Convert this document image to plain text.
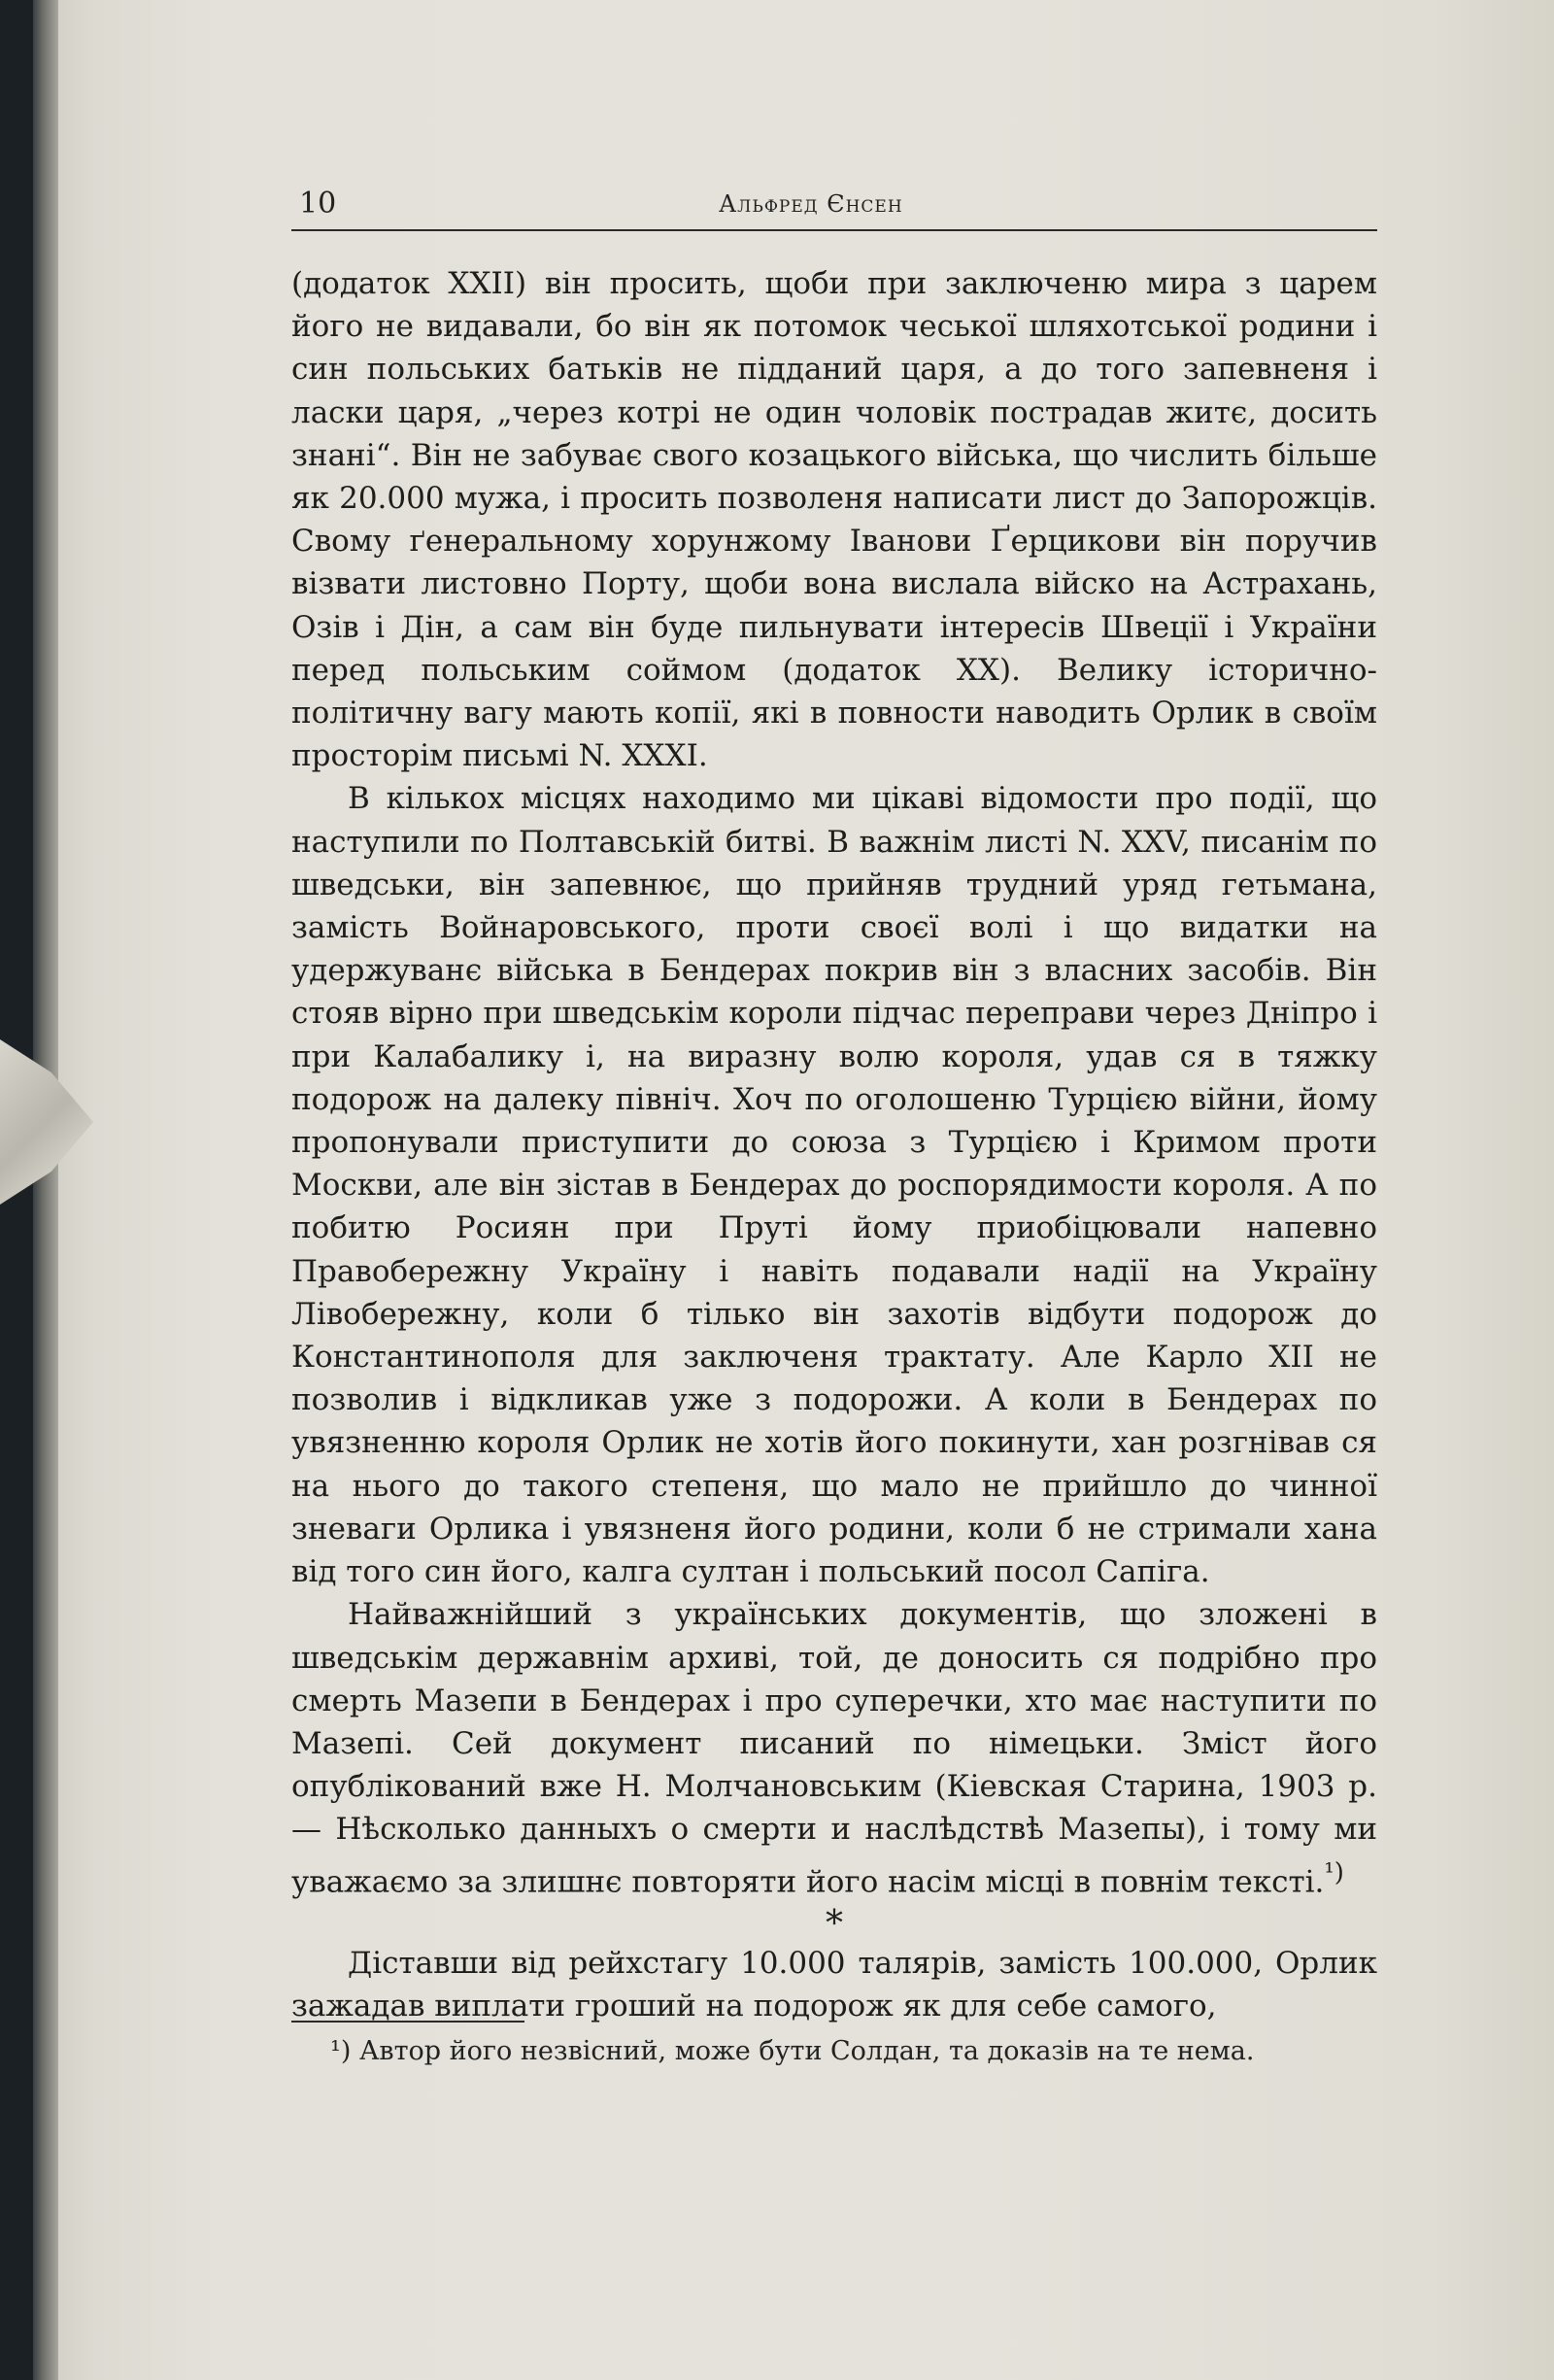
10	Альфред Єнсен

(додаток XXII) він просить, щоби при заключеню мира з царем його не видавали, бо він як потомок чеської шляхотської родини і син польських батьків не підданий царя, а до того запевненя і ласки царя, „через котрі не один чоловік пострадав житє, досить знані“. Він не забуває свого козацького війська, що числить більше як 20.000 мужа, і просить позволеня написати лист до Запорожців. Свому ґенеральному хорунжому Іванови Ґерцикови він поручив візвати листовно Порту, щоби вона вислала війско на Астрахань, Озів і Дін, а сам він буде пильнувати інтересів Швеції і України перед польським соймом (додаток XX). Велику історично-політичну вагу мають копії, які в повности наводить Орлик в своїм просторім письмі N. XXXI.

В кількох місцях находимо ми цікаві відомости про події, що наступили по Полтавській битві. В важнім листі N. XXV, писанім по шведськи, він запевнює, що прийняв трудний уряд гетьмана, замість Войнаровського, проти своєї волі і що видатки на удержуванє війська в Бендерах покрив він з власних засобів. Він стояв вірно при шведськім короли підчас переправи через Дніпро і при Калабалику і, на виразну волю короля, удав ся в тяжку подорож на далеку північ. Хоч по оголошеню Турцією війни, йому пропонували приступити до союза з Турцією і Кримом проти Москви, але він зістав в Бендерах до роспорядимости короля. А по побитю Росиян при Пруті йому приобіцювали напевно Правобережну Україну і навіть подавали надії на Україну Лівобережну, коли б тілько він захотів відбути подорож до Константинополя для заключеня трактату. Але Карло XII не позволив і відкликав уже з подорожи. А коли в Бендерах по увязненню короля Орлик не хотів його покинути, хан розгнівав ся на нього до такого степеня, що мало не прийшло до чинної зневаги Орлика і увязненя його родини, коли б не стримали хана від того син його, калга султан і польський посол Сапіга.

Найважнійший з українських документів, що зложені в шведськім державнім архиві, той, де доносить ся подрібно про смерть Мазепи в Бендерах і про суперечки, хто має наступити по Мазепі. Сей документ писаний по німецьки. Зміст його опублікований вже Н. Молчановським (Кіевская Старина, 1903 р. — Нѣсколько данныхъ о смерти и наслѣдствѣ Мазепы), і тому ми уважаємо за злишнє повторяти його насім місці в повнім тексті.$^{^1)}$

*

Діставши від рейхстагу 10.000 талярів, замість 100.000, Орлик зажадав виплати гроший на подорож як для себе самого,

¹) Автор його незвісний, може бути Солдан, та доказів на те нема.
